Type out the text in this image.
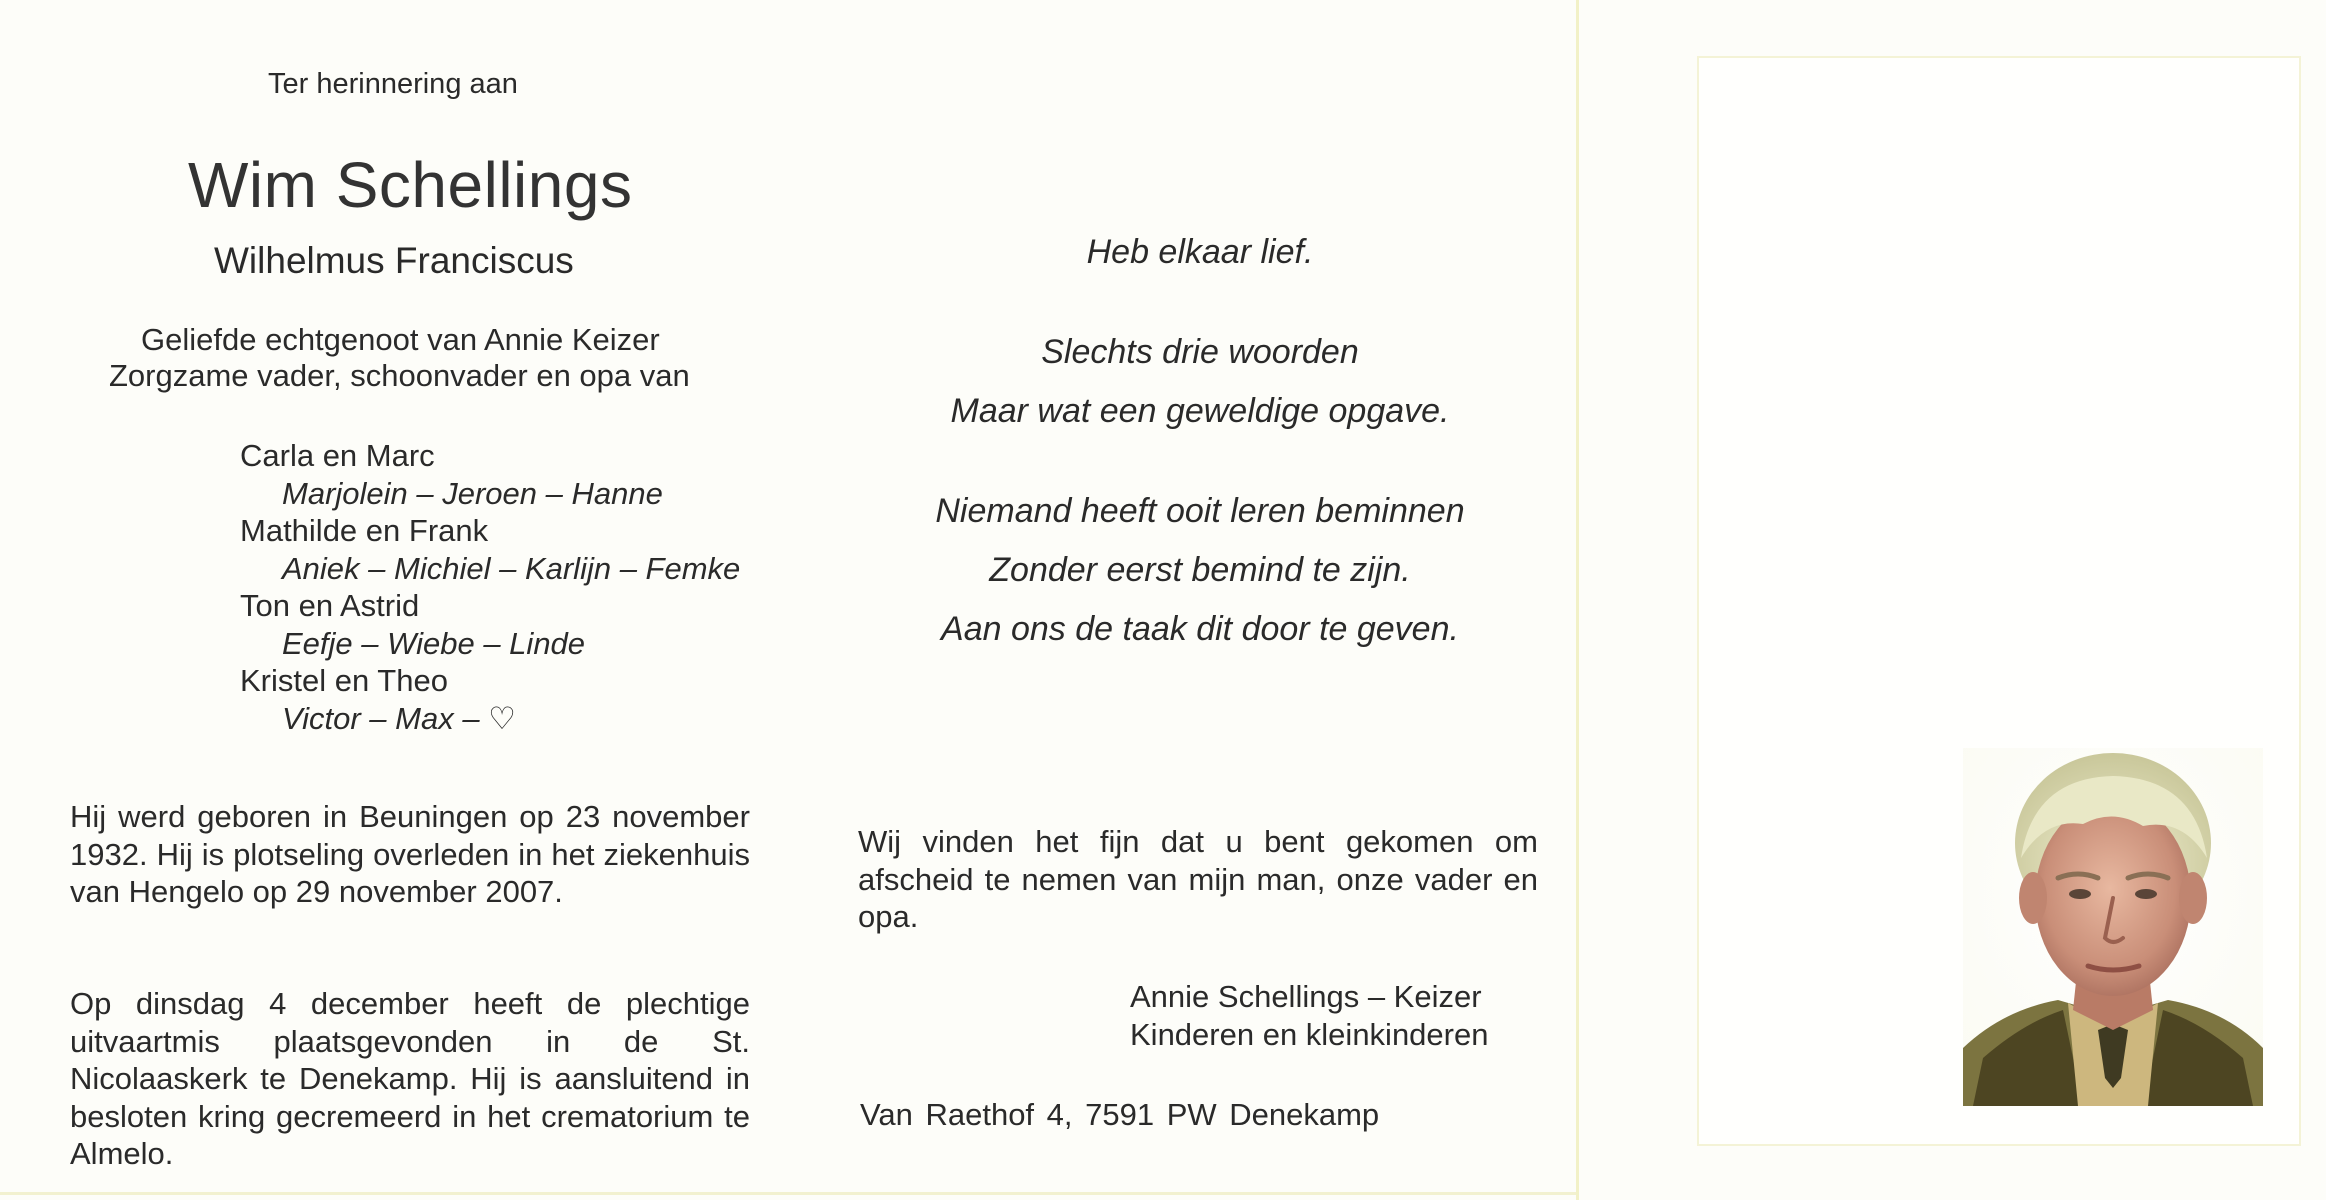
Ter herinnering aan
Wim Schellings
Wilhelmus Franciscus
Geliefde echtgenoot van Annie Keizer
Zorgzame vader, schoonvader en opa van
Carla en Marc
Marjolein – Jeroen – Hanne
Mathilde en Frank
Aniek – Michiel – Karlijn – Femke
Ton en Astrid
Eefje – Wiebe – Linde
Kristel en Theo
Victor – Max – ♡
Hij werd geboren in Beuningen op 23 november 1932. Hij is plotseling overleden in het ziekenhuis van Hengelo op 29 november 2007.
Op dinsdag 4 december heeft de plechtige uitvaartmis plaatsgevonden in de St. Nicolaaskerk te Denekamp. Hij is aansluitend in besloten kring gecremeerd in het crematorium te Almelo.
Heb elkaar lief.
Slechts drie woorden
Maar wat een geweldige opgave.
Niemand heeft ooit leren beminnen
Zonder eerst bemind te zijn.
Aan ons de taak dit door te geven.
Wij vinden het fijn dat u bent gekomen om afscheid te nemen van mijn man, onze vader en opa.
Annie Schellings – Keizer
Kinderen en kleinkinderen
Van Raethof 4, 7591 PW Denekamp
